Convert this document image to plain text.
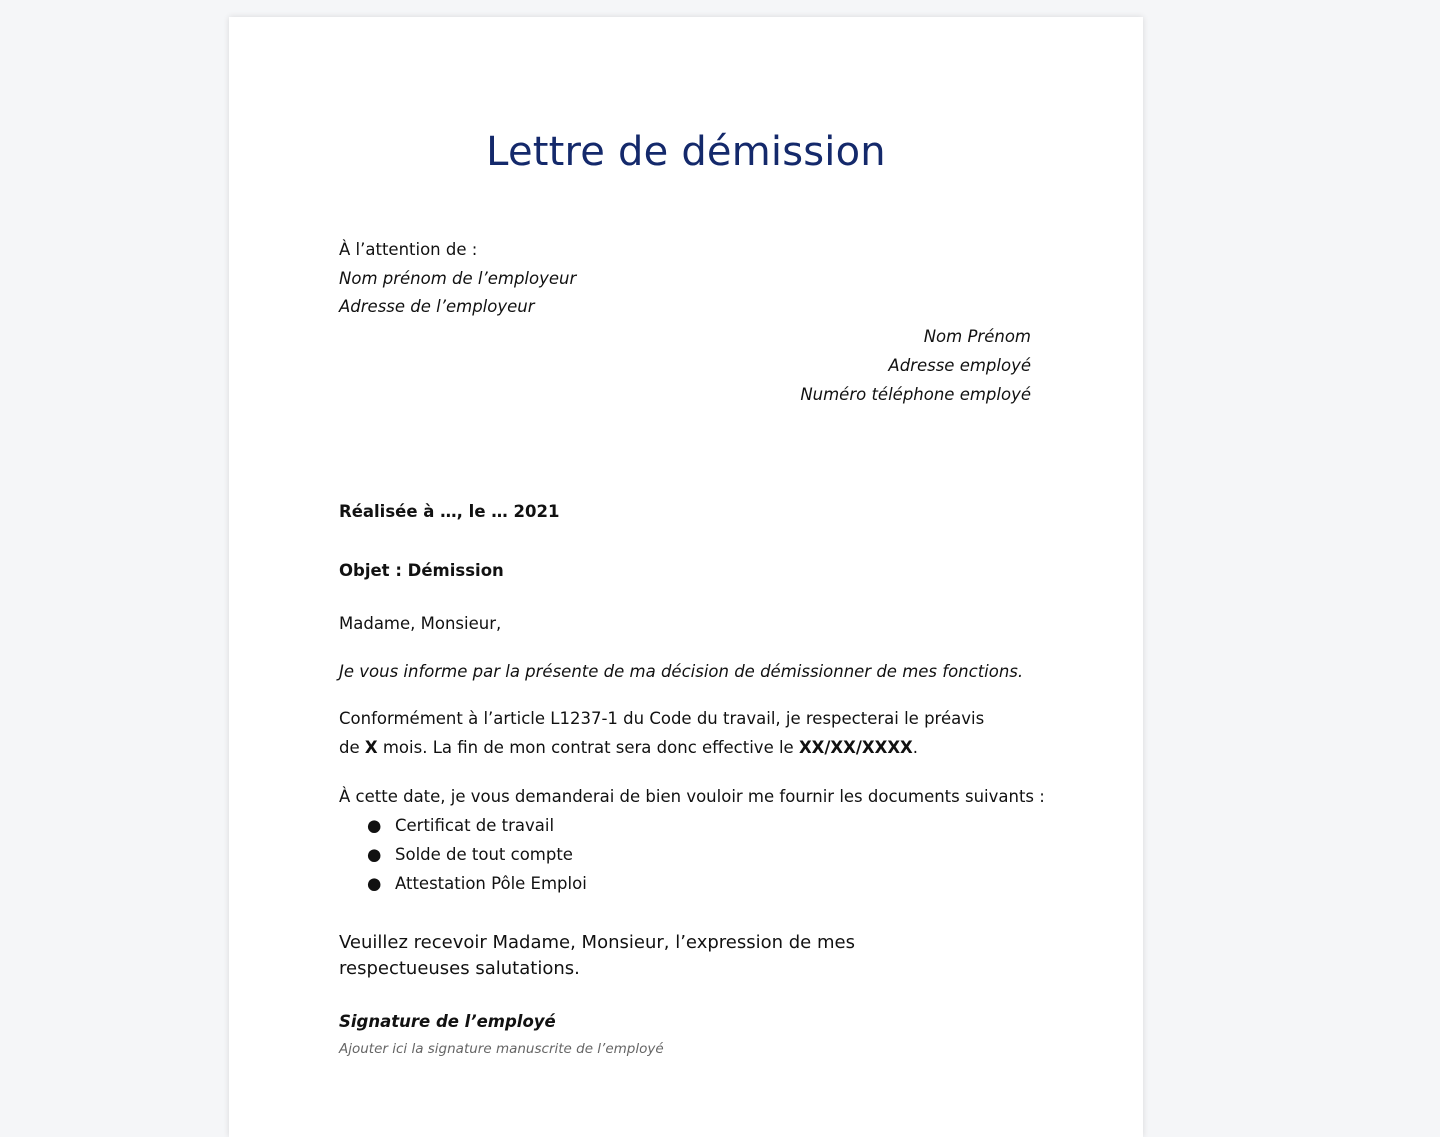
Lettre de démission
À l’attention de :
Nom prénom de l’employeur
Adresse de l’employeur
Nom Prénom
Adresse employé
Numéro téléphone employé
Réalisée à …, le … 2021
Objet : Démission
Madame, Monsieur,
Je vous informe par la présente de ma décision de démissionner de mes fonctions.
Conformément à l’article L1237-1 du Code du travail, je respecterai le préavis de X mois. La fin de mon contrat sera donc effective le XX/XX/XXXX.
À cette date, je vous demanderai de bien vouloir me fournir les documents suivants :
● Certificat de travail
● Solde de tout compte
● Attestation Pôle Emploi
Veuillez recevoir Madame, Monsieur, l’expression de mes respectueuses salutations.
Signature de l’employé
Ajouter ici la signature manuscrite de l’employé
